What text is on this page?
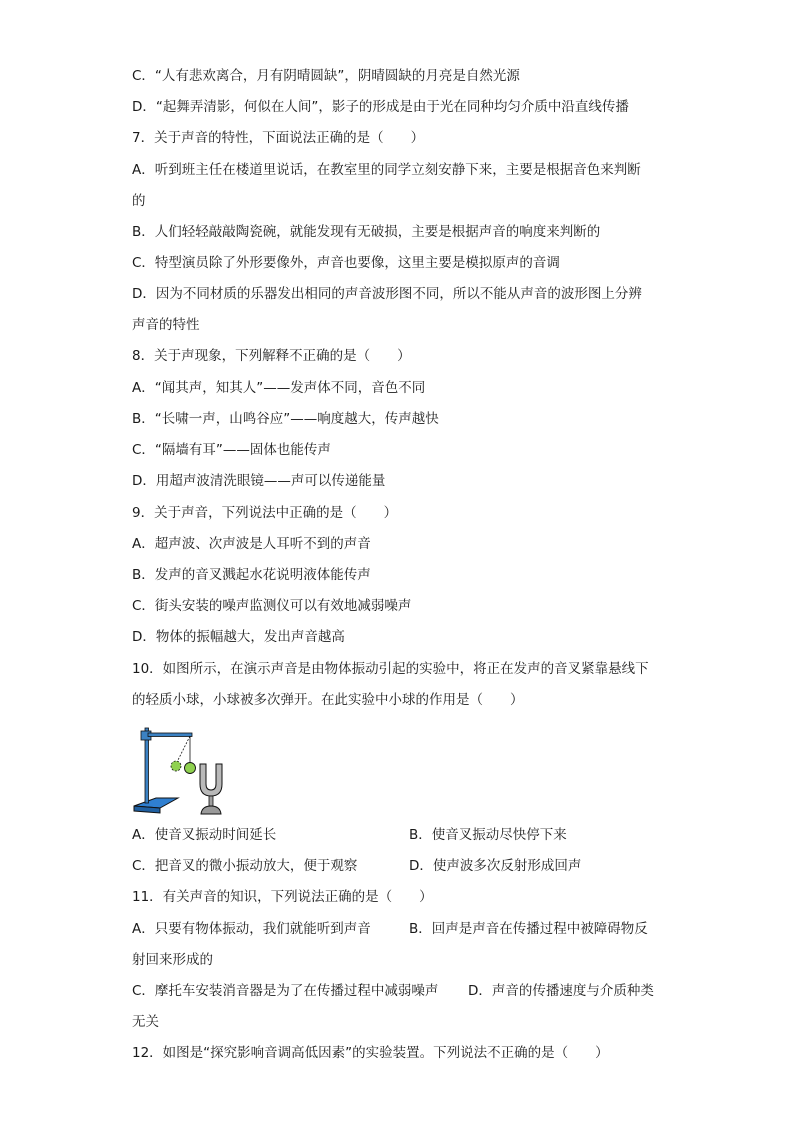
C．“人有悲欢离合，月有阴晴圆缺”，阴晴圆缺的月亮是自然光源
D．“起舞弄清影，何似在人间”，影子的形成是由于光在同种均匀介质中沿直线传播
7．关于声音的特性，下面说法正确的是（　　）
A．听到班主任在楼道里说话，在教室里的同学立刻安静下来，主要是根据音色来判断
的
B．人们轻轻敲敲陶瓷碗，就能发现有无破损，主要是根据声音的响度来判断的
C．特型演员除了外形要像外，声音也要像，这里主要是模拟原声的音调
D．因为不同材质的乐器发出相同的声音波形图不同，所以不能从声音的波形图上分辨
声音的特性
8．关于声现象，下列解释不正确的是（　　）
A．“闻其声，知其人”——发声体不同，音色不同
B．“长啸一声，山鸣谷应”——响度越大，传声越快
C．“隔墙有耳”——固体也能传声
D．用超声波清洗眼镜——声可以传递能量
9．关于声音，下列说法中正确的是（　　）
A．超声波、次声波是人耳听不到的声音
B．发声的音叉溅起水花说明液体能传声
C．街头安装的噪声监测仪可以有效地减弱噪声
D．物体的振幅越大，发出声音越高
10．如图所示，在演示声音是由物体振动引起的实验中，将正在发声的音叉紧靠悬线下
的轻质小球，小球被多次弹开。在此实验中小球的作用是（　　）
A．使音叉振动时间延长	B．使音叉振动尽快停下来
C．把音叉的微小振动放大，便于观察	D．使声波多次反射形成回声
11．有关声音的知识，下列说法正确的是（　　）
A．只要有物体振动，我们就能听到声音	B．回声是声音在传播过程中被障碍物反
射回来形成的
C．摩托车安装消音器是为了在传播过程中减弱噪声 D．声音的传播速度与介质种类
无关
12．如图是“探究影响音调高低因素”的实验装置。下列说法不正确的是（　　）
